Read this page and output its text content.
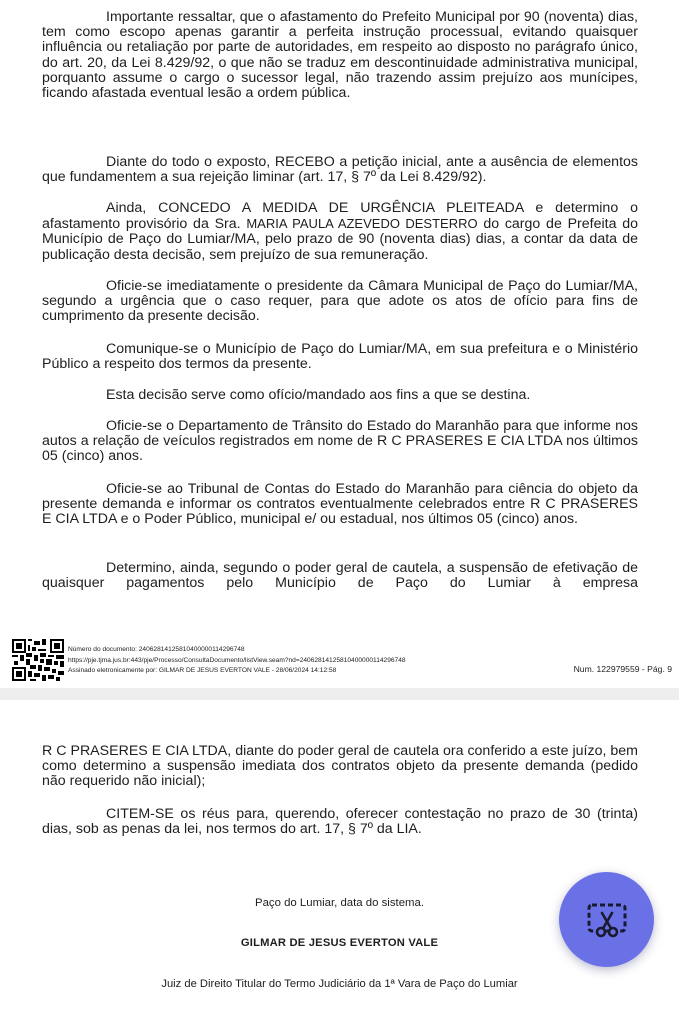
Importante ressaltar, que o afastamento do Prefeito Municipal por 90 (noventa) dias, tem como escopo apenas garantir a perfeita instrução processual, evitando quaisquer influência ou retaliação por parte de autoridades, em respeito ao disposto no parágrafo único, do art. 20, da Lei 8.429/92, o que não se traduz em descontinuidade administrativa municipal, porquanto assume o cargo o sucessor legal, não trazendo assim prejuízo aos munícipes, ficando afastada eventual lesão a ordem pública.

Diante do todo o exposto, RECEBO a petição inicial, ante a ausência de elementos que fundamentem a sua rejeição liminar (art. 17, § 7º da Lei 8.429/92).

Ainda, CONCEDO A MEDIDA DE URGÊNCIA PLEITEADA e determino o afastamento provisório da Sra. MARIA PAULA AZEVEDO DESTERRO do cargo de Prefeita do Município de Paço do Lumiar/MA, pelo prazo de 90 (noventa dias) dias, a contar da data de publicação desta decisão, sem prejuízo de sua remuneração.

Oficie-se imediatamente o presidente da Câmara Municipal de Paço do Lumiar/MA, segundo a urgência que o caso requer, para que adote os atos de ofício para fins de cumprimento da presente decisão.

Comunique-se o Município de Paço do Lumiar/MA, em sua prefeitura e o Ministério Público a respeito dos termos da presente.

Esta decisão serve como ofício/mandado aos fins a que se destina.

Oficie-se o Departamento de Trânsito do Estado do Maranhão para que informe nos autos a relação de veículos registrados em nome de R C PRASERES E CIA LTDA nos últimos 05 (cinco) anos.

Oficie-se ao Tribunal de Contas do Estado do Maranhão para ciência do objeto da presente demanda e informar os contratos eventualmente celebrados entre R C PRASERES E CIA LTDA e o Poder Público, municipal e/ ou estadual, nos últimos 05 (cinco) anos.

Determino, ainda, segundo o poder geral de cautela, a suspensão de efetivação de quaisquer pagamentos pelo Município de Paço do Lumiar à empresa

Número do documento: 24062814125810400000114296748
https://pje.tjma.jus.br:443/pje/Processo/ConsultaDocumento/listView.seam?nd=24062814125810400000114296748
Assinado eletronicamente por: GILMAR DE JESUS EVERTON VALE - 28/06/2024 14:12:58	Num. 122979559 - Pág. 9

R C PRASERES E CIA LTDA, diante do poder geral de cautela ora conferido a este juízo, bem como determino a suspensão imediata dos contratos objeto da presente demanda (pedido não requerido não inicial);

CITEM-SE os réus para, querendo, oferecer contestação no prazo de 30 (trinta) dias, sob as penas da lei, nos termos do art. 17, § 7º da LIA.

Paço do Lumiar, data do sistema.

GILMAR DE JESUS EVERTON VALE

Juiz de Direito Titular do Termo Judiciário da 1ª Vara de Paço do Lumiar
